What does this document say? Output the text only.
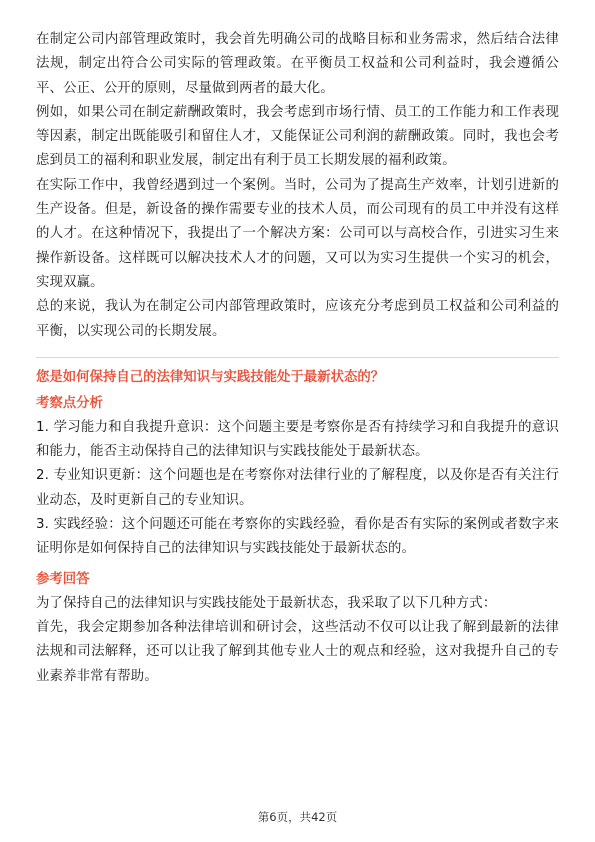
在制定公司内部管理政策时，我会首先明确公司的战略目标和业务需求，然后结合法律法规，制定出符合公司实际的管理政策。在平衡员工权益和公司利益时，我会遵循公平、公正、公开的原则，尽量做到两者的最大化。

例如，如果公司在制定薪酬政策时，我会考虑到市场行情、员工的工作能力和工作表现等因素，制定出既能吸引和留住人才，又能保证公司利润的薪酬政策。同时，我也会考虑到员工的福利和职业发展，制定出有利于员工长期发展的福利政策。

在实际工作中，我曾经遇到过一个案例。当时，公司为了提高生产效率，计划引进新的生产设备。但是，新设备的操作需要专业的技术人员，而公司现有的员工中并没有这样的人才。在这种情况下，我提出了一个解决方案：公司可以与高校合作，引进实习生来操作新设备。这样既可以解决技术人才的问题，又可以为实习生提供一个实习的机会，实现双赢。

总的来说，我认为在制定公司内部管理政策时，应该充分考虑到员工权益和公司利益的平衡，以实现公司的长期发展。

您是如何保持自己的法律知识与实践技能处于最新状态的？
考察点分析

1. 学习能力和自我提升意识：这个问题主要是考察你是否有持续学习和自我提升的意识和能力，能否主动保持自己的法律知识与实践技能处于最新状态。

2. 专业知识更新：这个问题也是在考察你对法律行业的了解程度，以及你是否有关注行业动态，及时更新自己的专业知识。

3. 实践经验：这个问题还可能在考察你的实践经验，看你是否有实际的案例或者数字来证明你是如何保持自己的法律知识与实践技能处于最新状态的。

参考回答

为了保持自己的法律知识与实践技能处于最新状态，我采取了以下几种方式：

首先，我会定期参加各种法律培训和研讨会，这些活动不仅可以让我了解到最新的法律法规和司法解释，还可以让我了解到其他专业人士的观点和经验，这对我提升自己的专业素养非常有帮助。

第6页，共42页
